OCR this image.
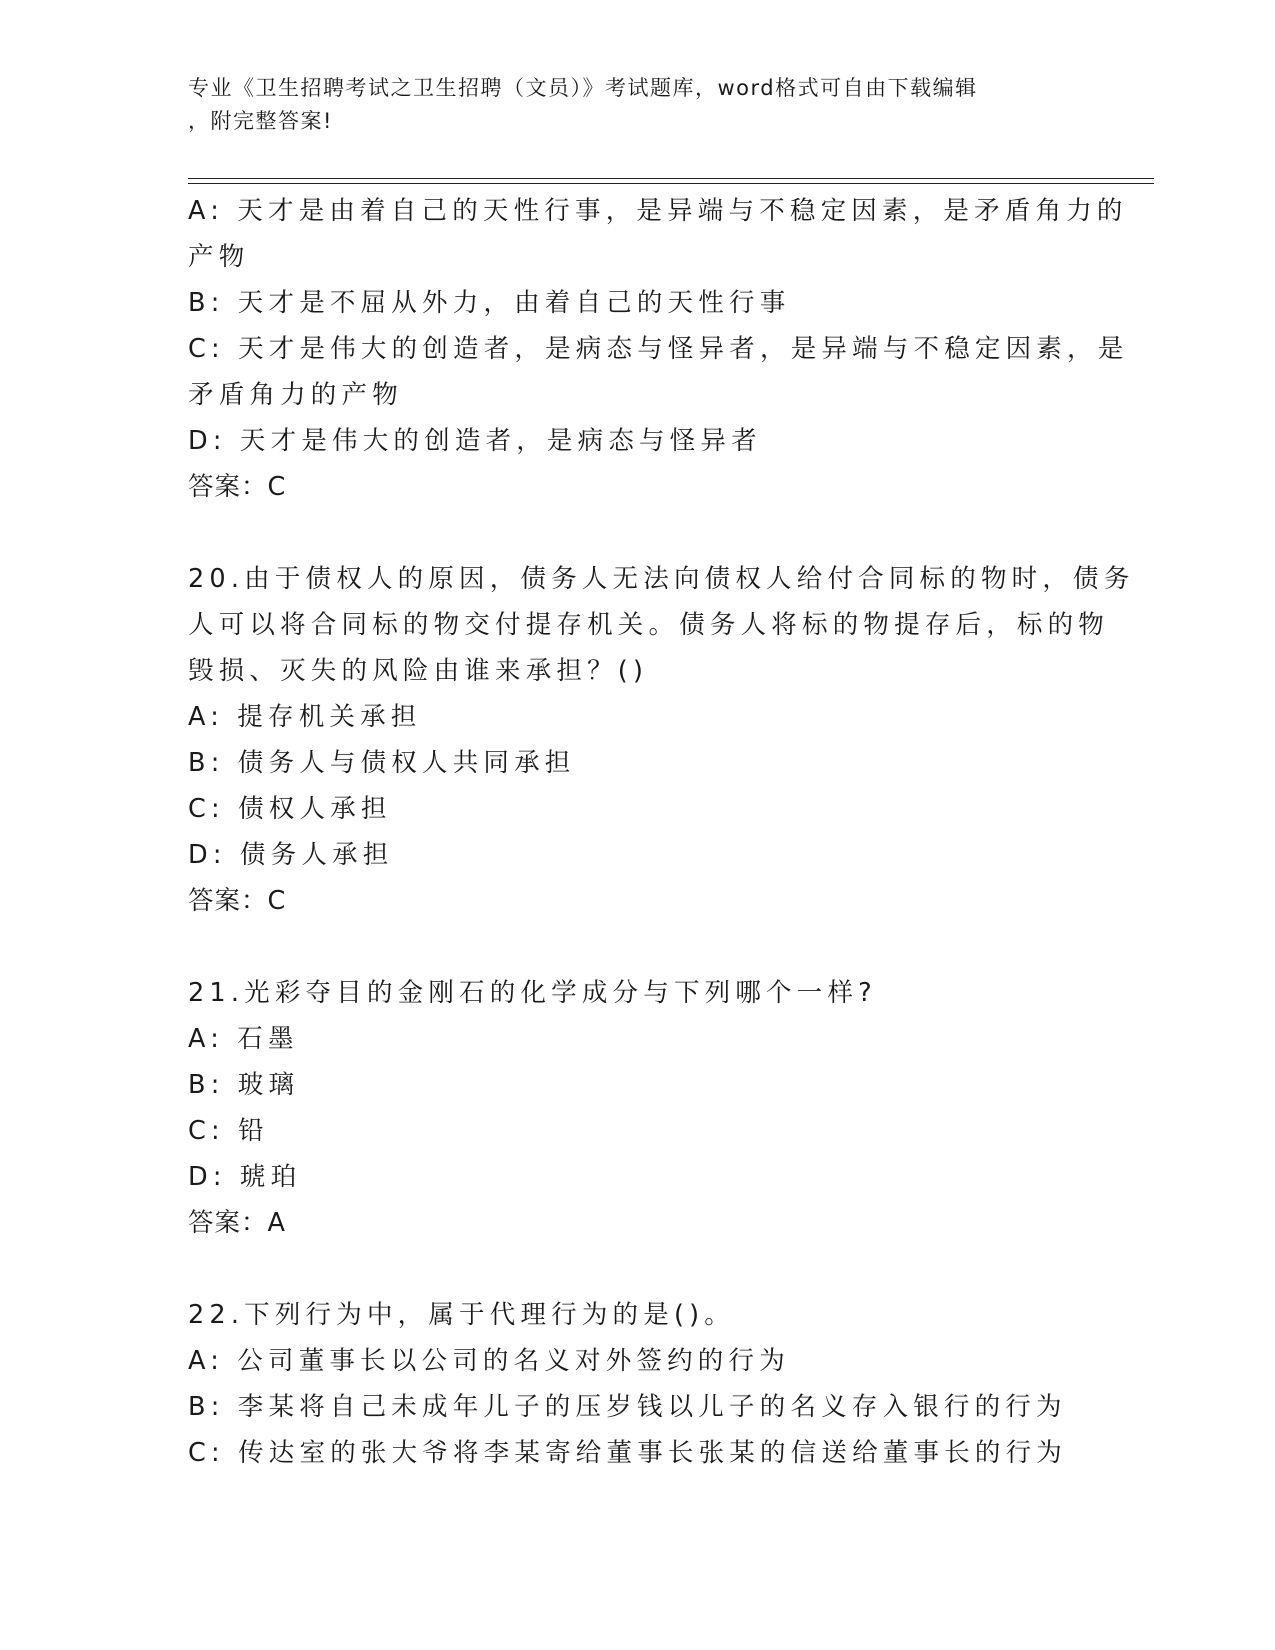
专业《卫生招聘考试之卫生招聘（文员）》考试题库，word格式可自由下载编辑
，附完整答案!
A: 天才是由着自己的天性行事，是异端与不稳定因素，是矛盾角力的
产物
B: 天才是不屈从外力，由着自己的天性行事
C: 天才是伟大的创造者，是病态与怪异者，是异端与不稳定因素，是
矛盾角力的产物
D: 天才是伟大的创造者，是病态与怪异者
答案：C
20.由于债权人的原因，债务人无法向债权人给付合同标的物时，债务
人可以将合同标的物交付提存机关。债务人将标的物提存后，标的物
毁损、灭失的风险由谁来承担？()
A: 提存机关承担
B: 债务人与债权人共同承担
C: 债权人承担
D: 债务人承担
答案：C
21.光彩夺目的金刚石的化学成分与下列哪个一样?
A: 石墨
B: 玻璃
C: 铅
D: 琥珀
答案：A
22.下列行为中，属于代理行为的是()。
A: 公司董事长以公司的名义对外签约的行为
B: 李某将自己未成年儿子的压岁钱以儿子的名义存入银行的行为
C: 传达室的张大爷将李某寄给董事长张某的信送给董事长的行为
